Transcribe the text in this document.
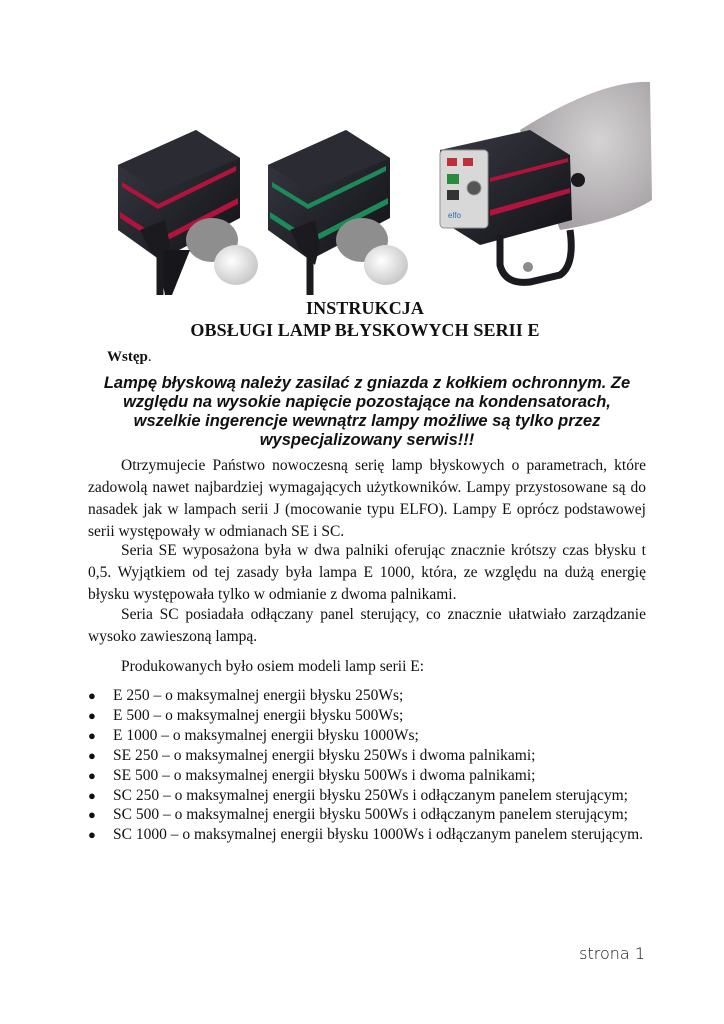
elfo
INSTRUKCJA
OBSŁUGI LAMP BŁYSKOWYCH SERII E
Wstęp.
Lampę błyskową należy zasilać z gniazda z kołkiem ochronnym. Ze
względu na wysokie napięcie pozostające na kondensatorach,
wszelkie ingerencje wewnątrz lampy możliwe są tylko przez
wyspecjalizowany serwis!!!

Otrzymujecie Państwo nowoczesną serię lamp błyskowych o parametrach, które zadowolą nawet najbardziej wymagających użytkowników. Lampy przystosowane są do nasadek jak w lampach serii J (mocowanie typu ELFO). Lampy E oprócz podstawowej serii występowały w odmianach SE i SC.

Seria SE wyposażona była w dwa palniki oferując znacznie krótszy czas błysku t 0,5. Wyjątkiem od tej zasady była lampa E 1000, która, ze względu na dużą energię błysku występowała tylko w odmianie z dwoma palnikami.

Seria SC posiadała odłączany panel sterujący, co znacznie ułatwiało zarządzanie wysoko zawieszoną lampą.

Produkowanych było osiem modeli lamp serii E:

● E 250 – o maksymalnej energii błysku 250Ws;
● E 500 – o maksymalnej energii błysku 500Ws;
● E 1000 – o maksymalnej energii błysku 1000Ws;
● SE 250 – o maksymalnej energii błysku 250Ws i dwoma palnikami;
● SE 500 – o maksymalnej energii błysku 500Ws i dwoma palnikami;
● SC 250 – o maksymalnej energii błysku 250Ws i odłączanym panelem sterującym;
● SC 500 – o maksymalnej energii błysku 500Ws i odłączanym panelem sterującym;
● SC 1000 – o maksymalnej energii błysku 1000Ws i odłączanym panelem sterującym.
strona 1
